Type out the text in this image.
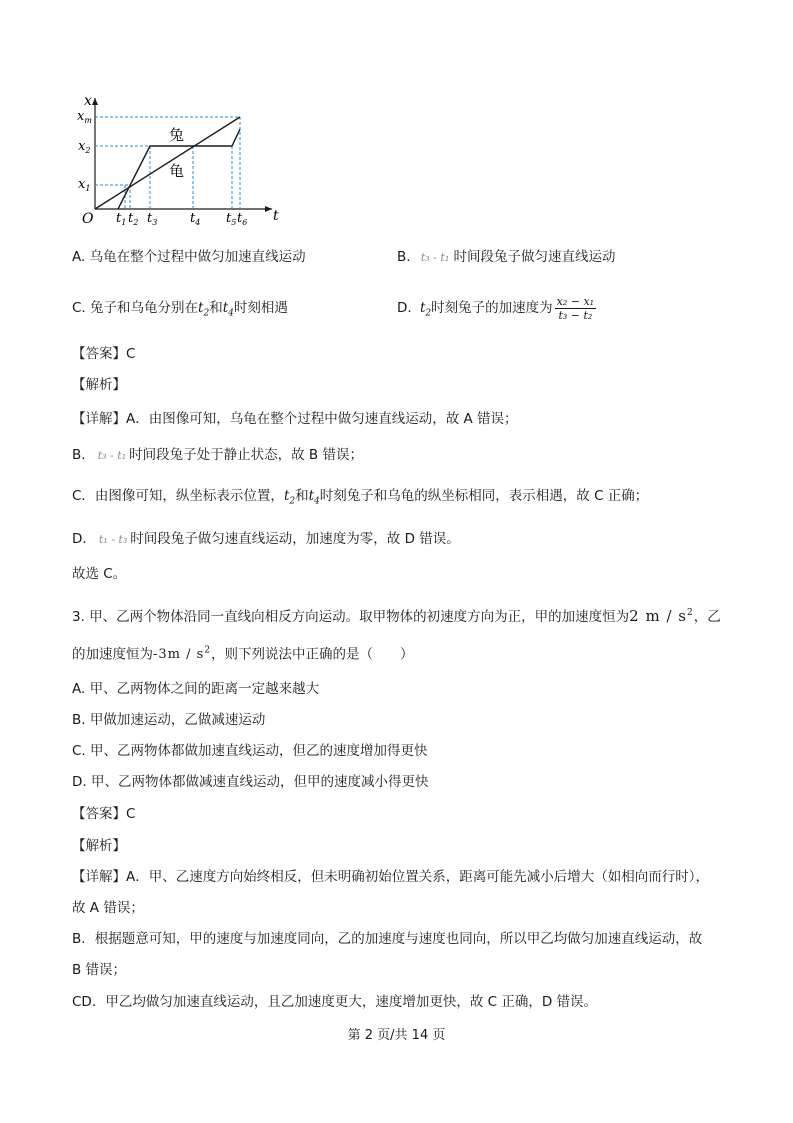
x
t
O
$x_m$
$x_2$
$x_1$
$t_1$ $t_2$ $t_3$	$t_4$ $t_5$ $t_6$
兔
龟
A. 乌龟在整个过程中做匀加速直线运动	B. t₃ - t₁ 时间段兔子做匀速直线运动
C. 兔子和乌龟分别在$t_2$和$t_4$时刻相遇	D. $t_2$时刻兔子的加速度为 $\frac{\text{x₂ − x₁}}{\text{t₃ − t₂}}$
【答案】C
【解析】
【详解】A．由图像可知，乌龟在整个过程中做匀速直线运动，故 A 错误；
B． t₃ - t₁ 时间段兔子处于静止状态，故 B 错误；
C．由图像可知，纵坐标表示位置，$t_2$和$t_4$时刻兔子和乌龟的纵坐标相同，表示相遇，故 C 正确；
D． t₁ - t₃ 时间段兔子做匀速直线运动，加速度为零，故 D 错误。
故选 C。
3. 甲、乙两个物体沿同一直线向相反方向运动。取甲物体的初速度方向为正，甲的加速度恒为2 m / $s^2$，乙
的加速度恒为$-3m / s^2$，则下列说法中正确的是（　　）
A. 甲、乙两物体之间的距离一定越来越大
B. 甲做加速运动，乙做减速运动
C. 甲、乙两物体都做加速直线运动，但乙的速度增加得更快
D. 甲、乙两物体都做减速直线运动，但甲的速度减小得更快
【答案】C
【解析】
【详解】A．甲、乙速度方向始终相反，但未明确初始位置关系，距离可能先减小后增大（如相向而行时），
故 A 错误；
B．根据题意可知，甲的速度与加速度同向，乙的加速度与速度也同向，所以甲乙均做匀加速直线运动，故
B 错误；
CD．甲乙均做匀加速直线运动，且乙加速度更大，速度增加更快，故 C 正确，D 错误。
第 2 页/共 14 页
